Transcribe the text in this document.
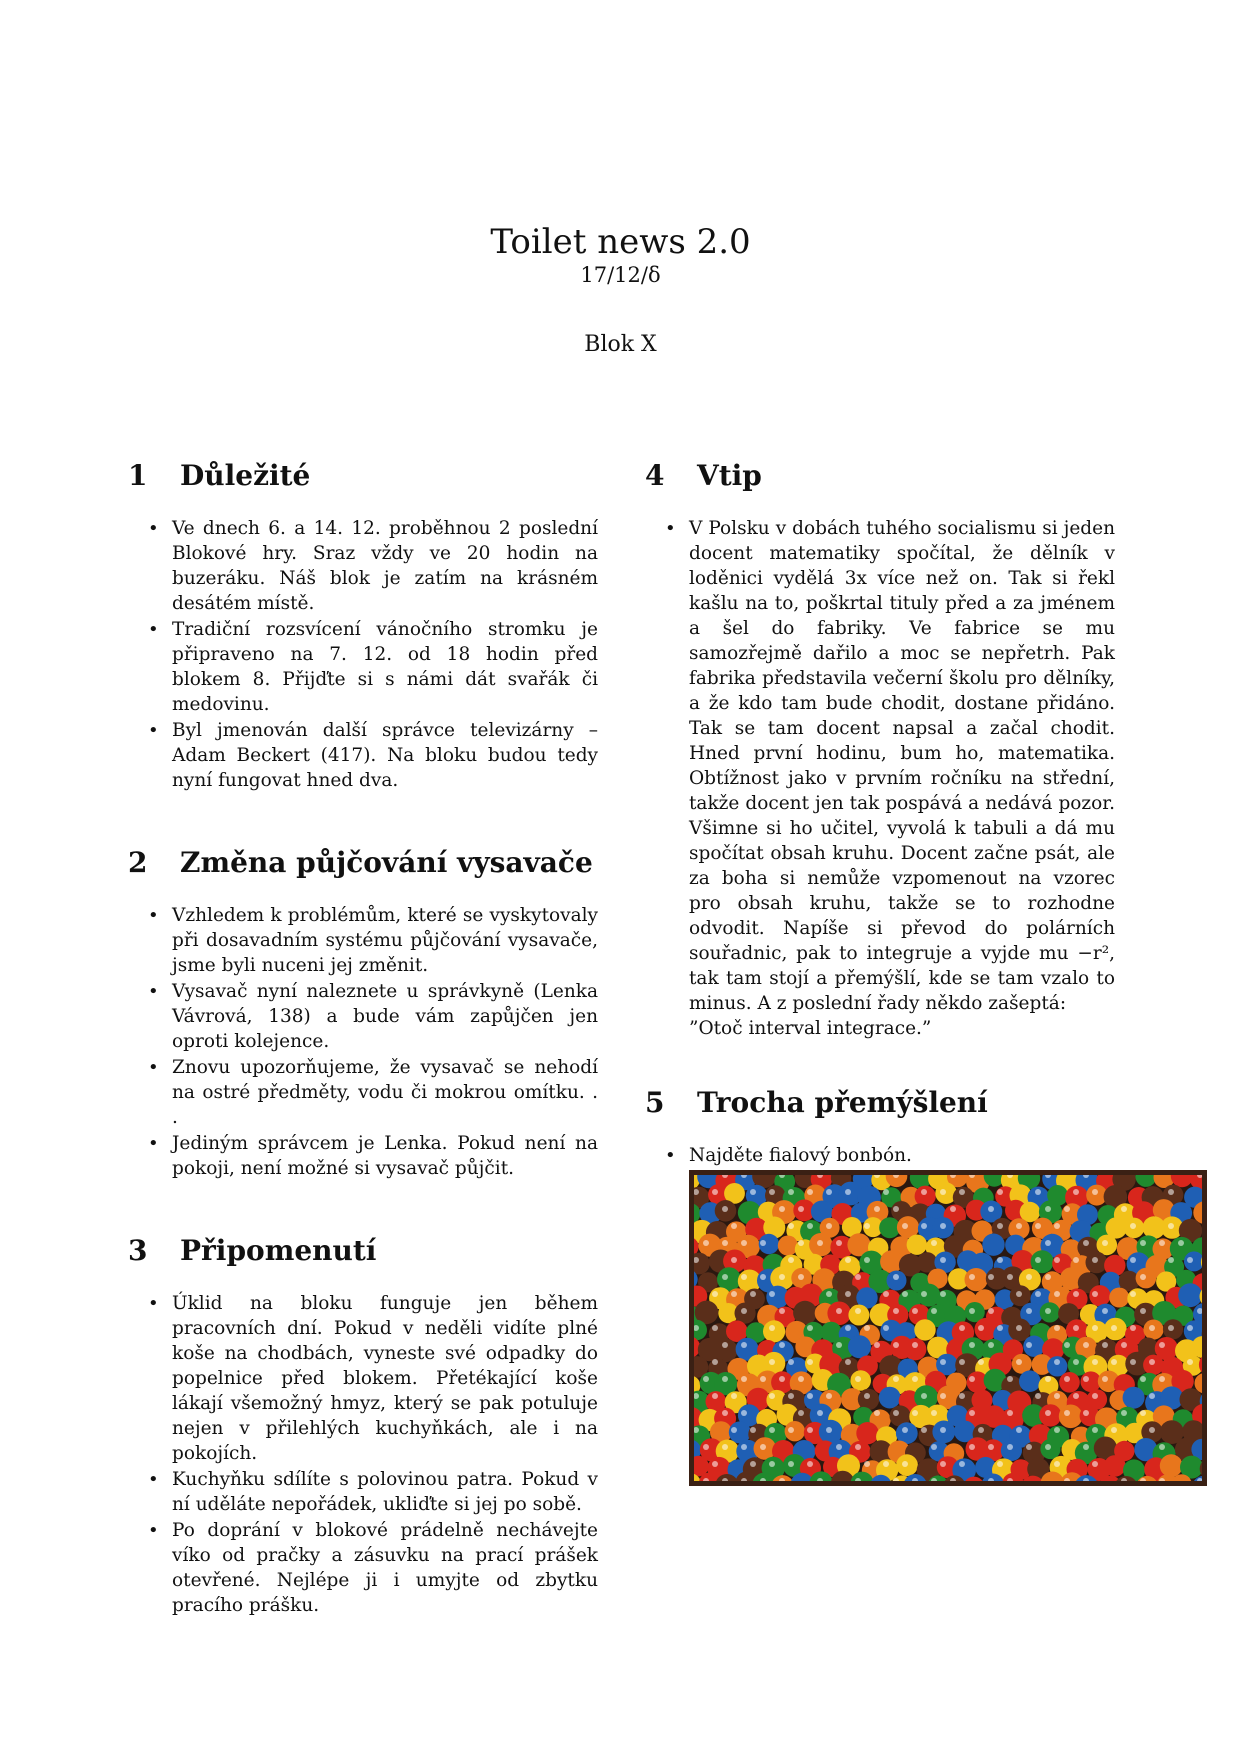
Toilet news 2.0
17/12/δ
Blok X
1	Důležité
• Ve dnech 6. a 14. 12. proběhnou 2 poslední Blokové hry. Sraz vždy ve 20 hodin na buzeráku. Náš blok je zatím na krásném desátém místě.
• Tradiční rozsvícení vánočního stromku je připraveno na 7. 12. od 18 hodin před blokem 8. Přijďte si s námi dát svařák či medovinu.
• Byl jmenován další správce televizárny – Adam Beckert (417). Na bloku budou tedy nyní fungovat hned dva.
2	Změna půjčování vysavače
• Vzhledem k problémům, které se vyskytovaly při dosavadním systému půjčování vysavače, jsme byli nuceni jej změnit.
• Vysavač nyní naleznete u správkyně (Lenka Vávrová, 138) a bude vám zapůjčen jen oproti kolejence.
• Znovu upozorňujeme, že vysavač se nehodí na ostré předměty, vodu či mokrou omítku. . .
• Jediným správcem je Lenka. Pokud není na pokoji, není možné si vysavač půjčit.
3	Připomenutí
• Úklid na bloku funguje jen během pracovních dní. Pokud v neděli vidíte plné koše na chodbách, vyneste své odpadky do popelnice před blokem. Přetékající koše lákají všemožný hmyz, který se pak potuluje nejen v přilehlých kuchyňkách, ale i na pokojích.
• Kuchyňku sdílíte s polovinou patra. Pokud v ní uděláte nepořádek, ukliďte si jej po sobě.
• Po doprání v blokové prádelně nechávejte víko od pračky a zásuvku na prací prášek otevřené. Nejlépe ji i umyjte od zbytku pracího prášku.
4	Vtip
• V Polsku v dobách tuhého socialismu si jeden docent matematiky spočítal, že dělník v loděnici vydělá 3x více než on. Tak si řekl kašlu na to, poškrtal tituly před a za jménem a šel do fabriky. Ve fabrice se mu samozřejmě dařilo a moc se nepřetrh. Pak fabrika představila večerní školu pro dělníky, a že kdo tam bude chodit, dostane přidáno. Tak se tam docent napsal a začal chodit. Hned první hodinu, bum ho, matematika. Obtížnost jako v prvním ročníku na střední, takže docent jen tak pospává a nedává pozor. Všimne si ho učitel, vyvolá k tabuli a dá mu spočítat obsah kruhu. Docent začne psát, ale za boha si nemůže vzpomenout na vzorec pro obsah kruhu, takže se to rozhodne odvodit. Napíše si převod do polárních souřadnic, pak to integruje a vyjde mu −r², tak tam stojí a přemýšlí, kde se tam vzalo to minus. A z poslední řady někdo zašeptá:
”Otoč interval integrace.”
5	Trocha přemýšlení
• Najděte fialový bonbón.
